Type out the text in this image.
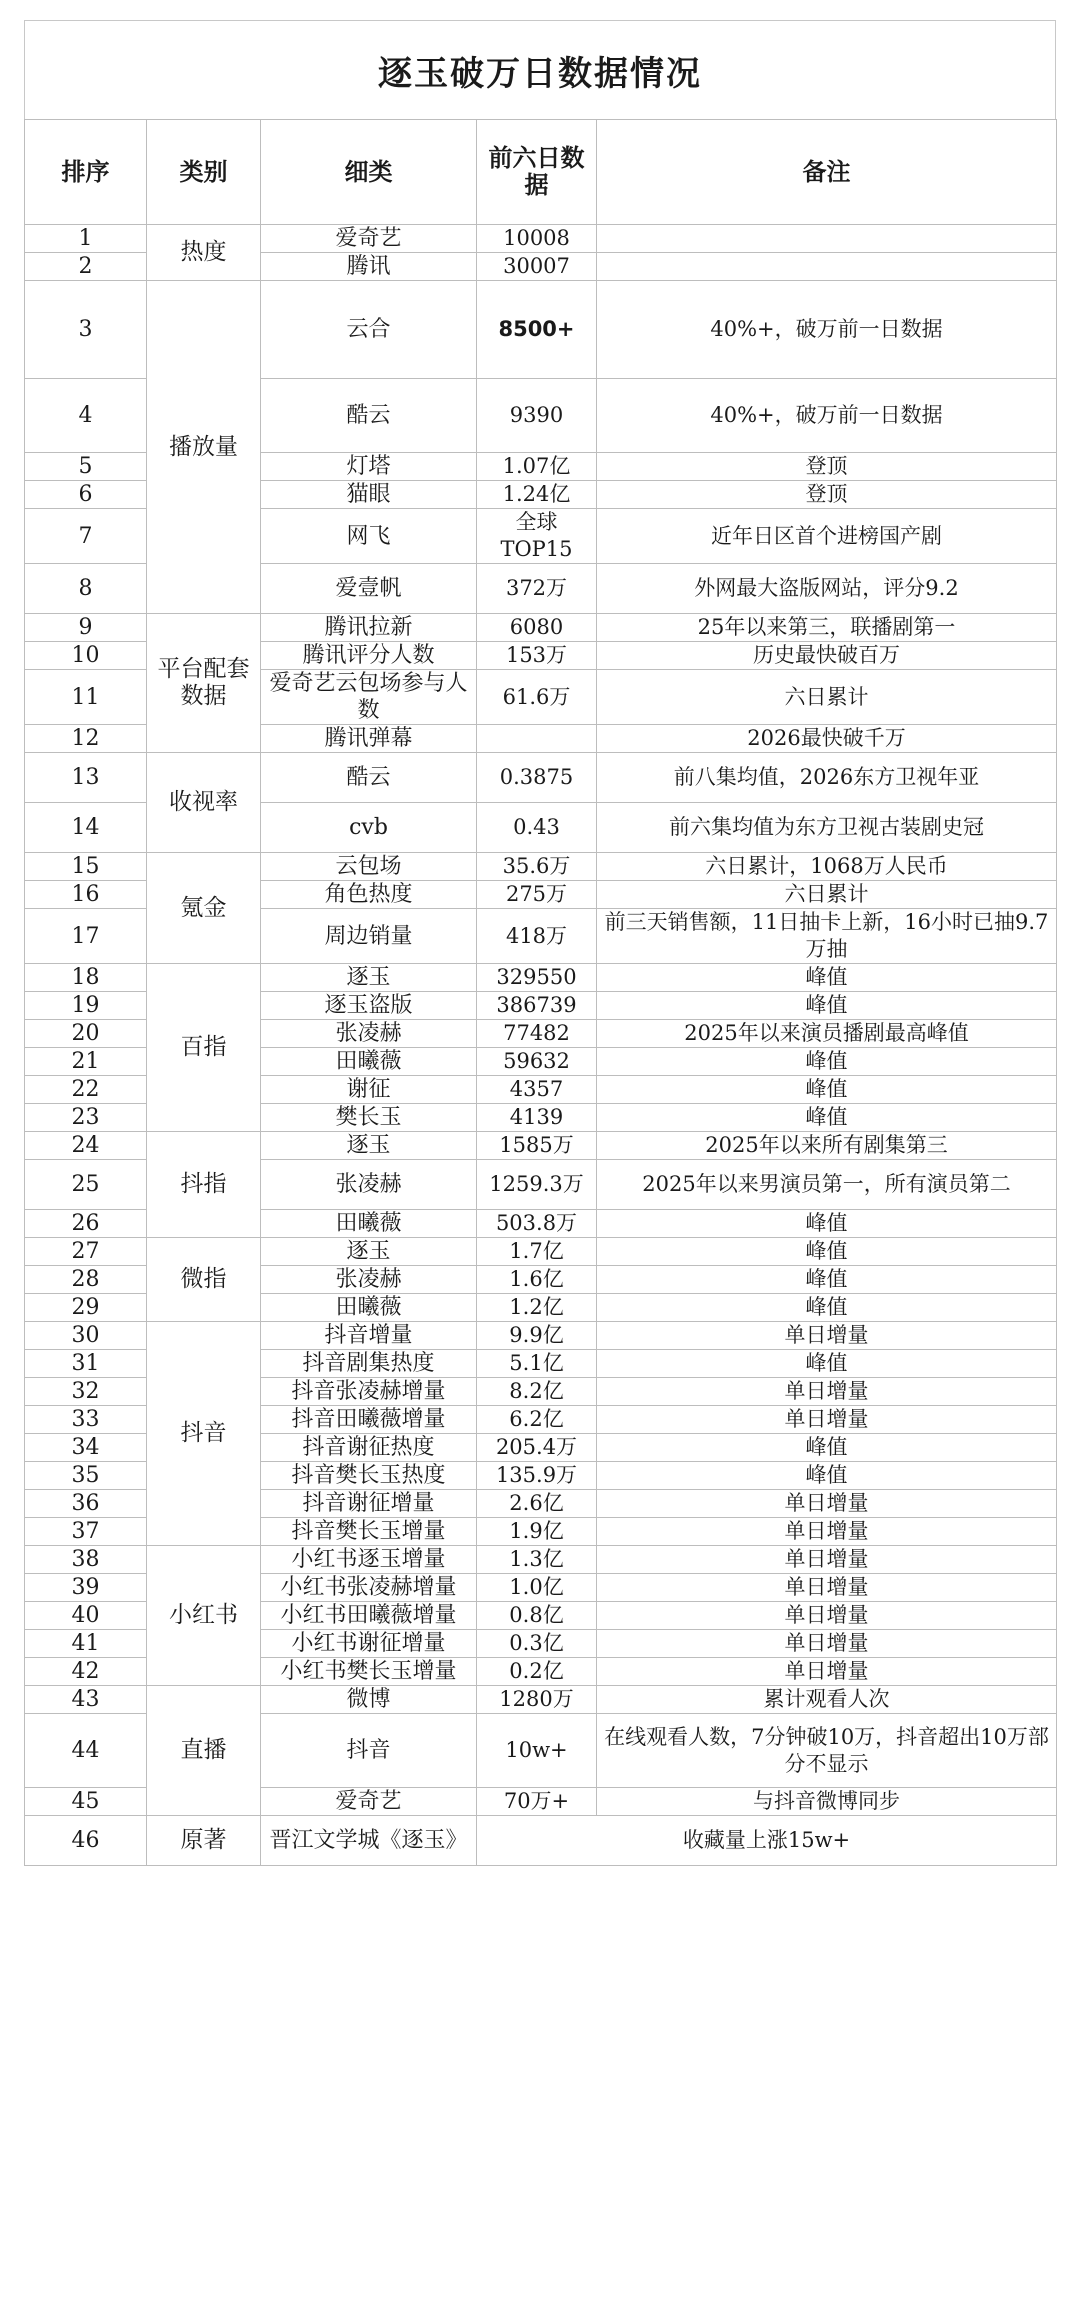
逐玉破万日数据情况
排序	类别	细类	前六日数据	备注
1	热度	爱奇艺	10008	
2		腾讯	30007	
3	播放量	云合	8500+	40%+，破万前一日数据
4		酷云	9390	40%+，破万前一日数据
5		灯塔	1.07亿	登顶
6		猫眼	1.24亿	登顶
7		网飞	全球TOP15	近年日区首个进榜国产剧
8		爱壹帆	372万	外网最大盗版网站，评分9.2
9	平台配套数据	腾讯拉新	6080	25年以来第三，联播剧第一
10		腾讯评分人数	153万	历史最快破百万
11		爱奇艺云包场参与人数	61.6万	六日累计
12		腾讯弹幕		2026最快破千万
13	收视率	酷云	0.3875	前八集均值，2026东方卫视年亚
14		cvb	0.43	前六集均值为东方卫视古装剧史冠
15	氪金	云包场	35.6万	六日累计，1068万人民币
16		角色热度	275万	六日累计
17		周边销量	418万	前三天销售额，11日抽卡上新，16小时已抽9.7万抽
18	百指	逐玉	329550	峰值
19		逐玉盗版	386739	峰值
20		张凌赫	77482	2025年以来演员播剧最高峰值
21		田曦薇	59632	峰值
22		谢征	4357	峰值
23		樊长玉	4139	峰值
24	抖指	逐玉	1585万	2025年以来所有剧集第三
25		张凌赫	1259.3万	2025年以来男演员第一，所有演员第二
26		田曦薇	503.8万	峰值
27	微指	逐玉	1.7亿	峰值
28		张凌赫	1.6亿	峰值
29		田曦薇	1.2亿	峰值
30	抖音	抖音增量	9.9亿	单日增量
31		抖音剧集热度	5.1亿	峰值
32		抖音张凌赫增量	8.2亿	单日增量
33		抖音田曦薇增量	6.2亿	单日增量
34		抖音谢征热度	205.4万	峰值
35		抖音樊长玉热度	135.9万	峰值
36		抖音谢征增量	2.6亿	单日增量
37		抖音樊长玉增量	1.9亿	单日增量
38	小红书	小红书逐玉增量	1.3亿	单日增量
39		小红书张凌赫增量	1.0亿	单日增量
40		小红书田曦薇增量	0.8亿	单日增量
41		小红书谢征增量	0.3亿	单日增量
42		小红书樊长玉增量	0.2亿	单日增量
43	直播	微博	1280万	累计观看人次
44		抖音	10w+	在线观看人数，7分钟破10万，抖音超出10万部分不显示
45		爱奇艺	70万+	与抖音微博同步
46	原著	晋江文学城《逐玉》	收藏量上涨15w+	
